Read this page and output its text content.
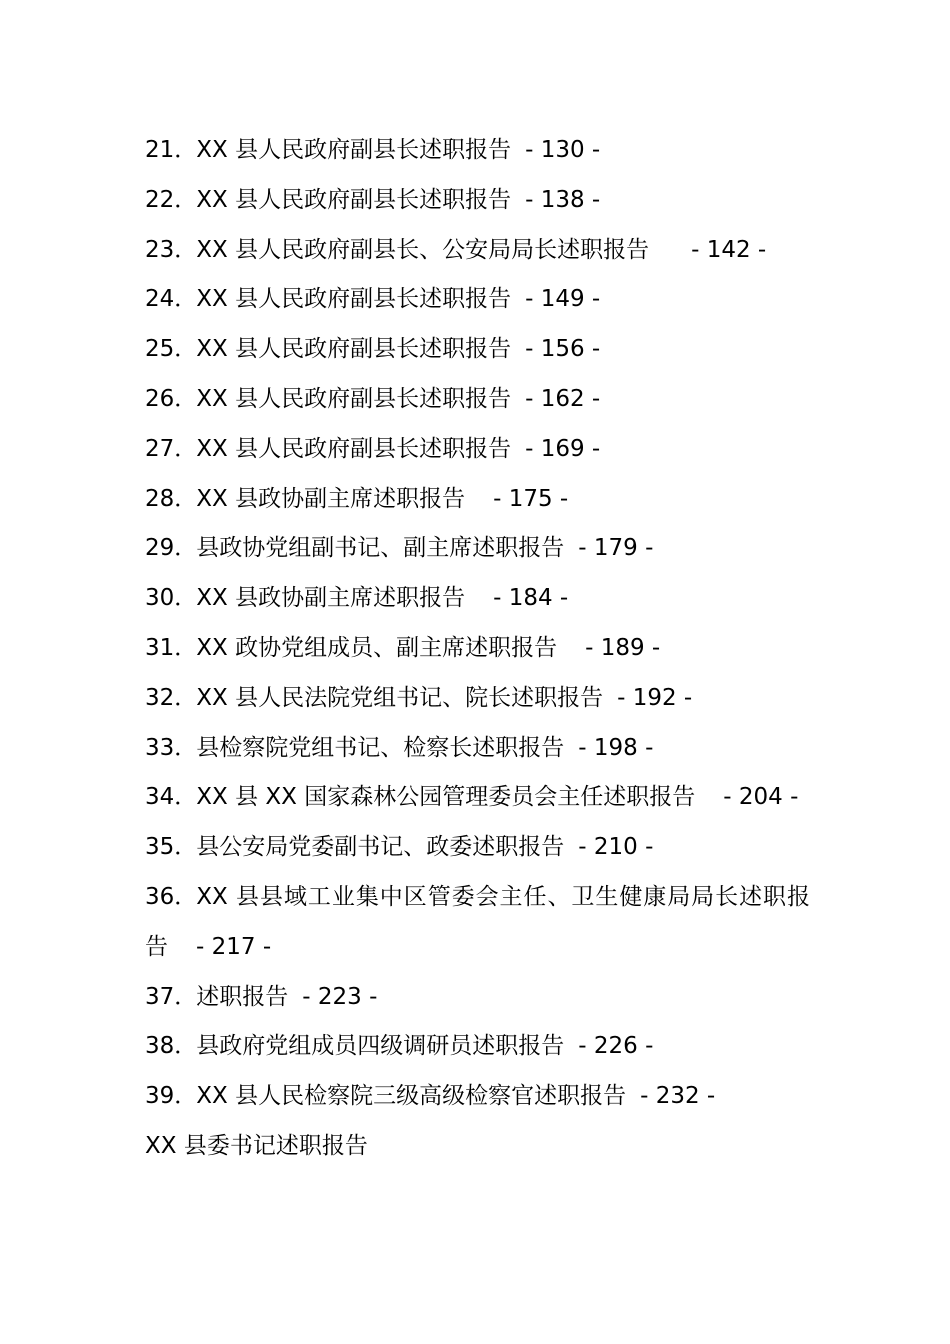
21．XX 县人民政府副县长述职报告 - 130 -
22．XX 县人民政府副县长述职报告 - 138 -
23．XX 县人民政府副县长、公安局局长述职报告 - 142 -
24．XX 县人民政府副县长述职报告 - 149 -
25．XX 县人民政府副县长述职报告 - 156 -
26．XX 县人民政府副县长述职报告 - 162 -
27．XX 县人民政府副县长述职报告 - 169 -
28．XX 县政协副主席述职报告 - 175 -
29．县政协党组副书记、副主席述职报告 - 179 -
30．XX 县政协副主席述职报告 - 184 -
31．XX 政协党组成员、副主席述职报告 - 189 -
32．XX 县人民法院党组书记、院长述职报告 - 192 -
33．县检察院党组书记、检察长述职报告 - 198 -
34．XX 县 XX 国家森林公园管理委员会主任述职报告 - 204 -
35．县公安局党委副书记、政委述职报告 - 210 -
36．XX 县县域工业集中区管委会主任、卫生健康局局长述职报告 - 217 -
37．述职报告 - 223 -
38．县政府党组成员四级调研员述职报告 - 226 -
39．XX 县人民检察院三级高级检察官述职报告 - 232 -
XX 县委书记述职报告
